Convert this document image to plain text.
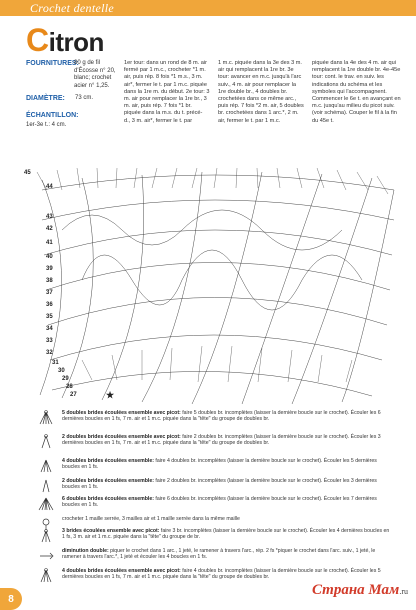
Crochet dentelle
Citron
FOURNITURES:
80 g de fil d'Écosse n° 20, blanc; crochet acier n° 1,25.
DIAMÈTRE: 73 cm.
ÉCHANTILLON:
1er-3e t.: 4 cm.
1er tour: dans un rond de 8 m. air fermé par 1 m.c., crocheter *1 m. air, puis rép. 8 fois *1 m.s., 3 m. air*, fermer le t. par 1 m.c. piquée dans la 1re m. du début. 2e tour: 3 m. air pour remplacer la 1re br., 3 m. air, puis rép. 7 fois *1 br. piquée dans la m.s. du t. précé- d., 3 m. air*, fermer le t. par
1 m.c. piquée dans la 3e des 3 m. air qui remplacent la 1re br. 3e tour: avancer en m.c. jusqu'à l'arc suiv., 4 m. air pour remplacer la 1re double br., 4 doubles br. crochetées dans ce même arc., puis rép. 7 fois *2 m. air, 5 doubles br. crochetées dans 1 arc.*, 2 m. air, fermer le t. par 1 m.c.
piquée dans la 4e des 4 m. air qui remplacent la 1re double br. 4e-45e tour: cont. le trav. en suiv. les indications du schéma et les symboles qui l'accompagnent. Commencer le 6e t. en avançant en m.c. jusqu'au milieu du picot suiv. (voir schéma). Couper le fil à la fin du 45e t.
45
44
43
42
41
40
39
38
37
36
35
34
33
32
31
30
29
28
27	★
5 doubles brides écoulées ensemble avec picot: faire 5 doubles br. incomplètes (laisser la dernière boucle sur le crochet). Écouler les 6 dernières boucles en 1 fs, 7 m. air et 1 m.c. piquée dans la "tête" du groupe de doubles br.
2 doubles brides écoulées ensemble avec picot: faire 2 doubles br. incomplètes (laisser la dernière boucle sur le crochet). Écouler les 3 dernières boucles en 1 fs, 7 m. air et 1 m.c. piquée dans la "tête" du groupe de doubles br.
4 doubles brides écoulées ensemble: faire 4 doubles br. incomplètes (laisser la dernière boucle sur le crochet). Écouler les 5 dernières boucles en 1 fs.
2 doubles brides écoulées ensemble: faire 2 doubles br. incomplètes (laisser la dernière boucle sur le crochet). Écouler les 3 dernières boucles en 1 fs.
6 doubles brides écoulées ensemble: faire 6 doubles br. incomplètes (laisser la dernière boucle sur le crochet). Écouler les 7 dernières boucles en 1 fs.
crocheter 1 maille serrée, 3 mailles air et 1 maille serrée dans la même maille
3 brides écoulées ensemble avec picot: faire 3 br. incomplètes (laisser la dernière boucle sur le crochet). Écouler les 4 dernières boucles en 1 fs, 3 m. air et 1 m.c. piquée dans la "tête" du groupe de br.
diminution double: piquer le crochet dans 1 arc., 1 jeté, le ramener à travers l'arc., rép. 2 fs *piquer le crochet dans l'arc. suiv., 1 jeté, le ramener à travers l'arc.*, 1 jeté et écouler les 4 boucles en 1 fs.
4 doubles brides écoulées ensemble avec picot: faire 4 doubles br. incomplètes (laisser la dernière boucle sur le crochet). Écouler les 5 dernières boucles en 1 fs, 7 m. air et 1 m.c. piquée dans la "tête" du groupe de doubles br.
8
Страна Мам.ru
